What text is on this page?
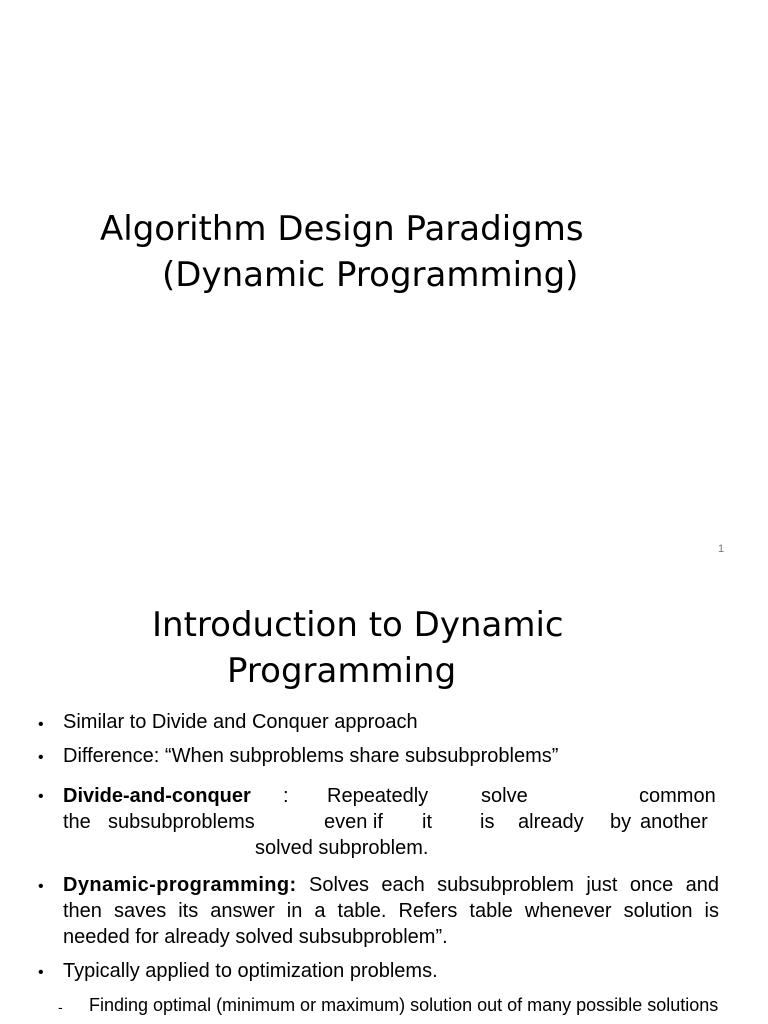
Algorithm Design Paradigms
(Dynamic Programming)
1
Introduction to Dynamic
Programming
• Similar to Divide and Conquer approach
• Difference: “When subproblems share subsubproblems”
• Divide-and-conquer : Repeatedly	solve	common
the subsubproblems	even if it is already by another
solved subproblem.
• Dynamic-programming: Solves each subsubproblem just once and then saves its answer in a table. Refers table whenever solution is needed for already solved subsubproblem”.

• Typically applied to optimization problems.
- Finding optimal (minimum or maximum) solution out of many possible solutions
